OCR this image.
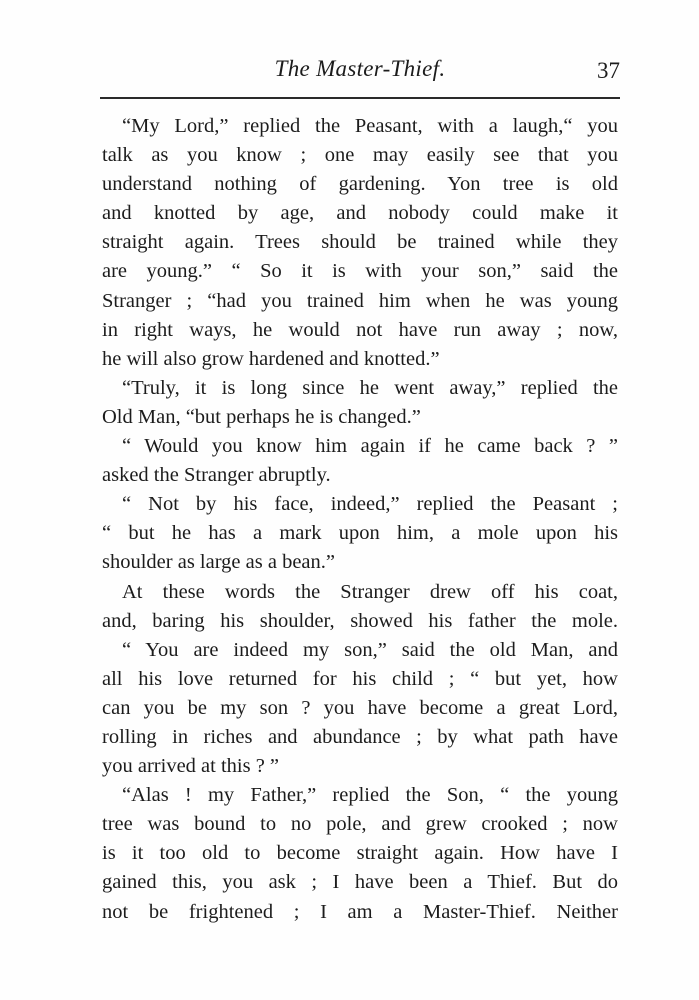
The Master-Thief.	37
“My Lord,” replied the Peasant, with a laugh,“ you
talk as you know ; one may easily see that you
understand nothing of gardening. Yon tree is old
and knotted by age, and nobody could make it
straight again. Trees should be trained while they
are young.” “ So it is with your son,” said the
Stranger ; “had you trained him when he was young
in right ways, he would not have run away ; now,
he will also grow hardened and knotted.”
“Truly, it is long since he went away,” replied the
Old Man, “but perhaps he is changed.”
“ Would you know him again if he came back ? ”
asked the Stranger abruptly.
“ Not by his face, indeed,” replied the Peasant ;
“ but he has a mark upon him, a mole upon his
shoulder as large as a bean.”
At these words the Stranger drew off his coat,
and, baring his shoulder, showed his father the mole.
“ You are indeed my son,” said the old Man, and
all his love returned for his child ; “ but yet, how
can you be my son ? you have become a great Lord,
rolling in riches and abundance ; by what path have
you arrived at this ? ”
“Alas ! my Father,” replied the Son, “ the young
tree was bound to no pole, and grew crooked ; now
is it too old to become straight again. How have I
gained this, you ask ; I have been a Thief. But do
not be frightened ; I am a Master-Thief. Neither
